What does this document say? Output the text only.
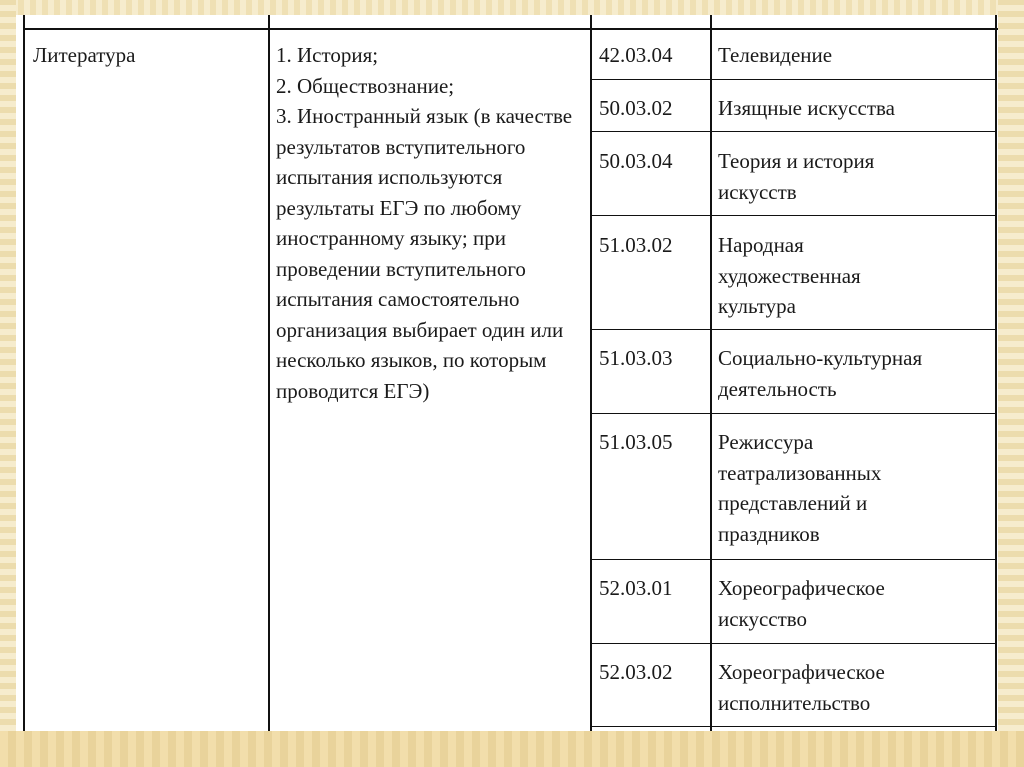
Литература	1. История;
2. Обществознание;
3. Иностранный язык (в качестве результатов вступительного испытания используются результаты ЕГЭ по любому иностранному языку; при проведении вступительного испытания самостоятельно организация выбирает один или несколько языков, по которым проводится ЕГЭ)
42.03.04 Телевидение
50.03.02 Изящные искусства
50.03.04 Теория и история искусств
51.03.02 Народная художественная культура
51.03.03 Социально-культурная деятельность
51.03.05 Режиссура театрализованных представлений и праздников
52.03.01 Хореографическое искусство
52.03.02 Хореографическое исполнительство
